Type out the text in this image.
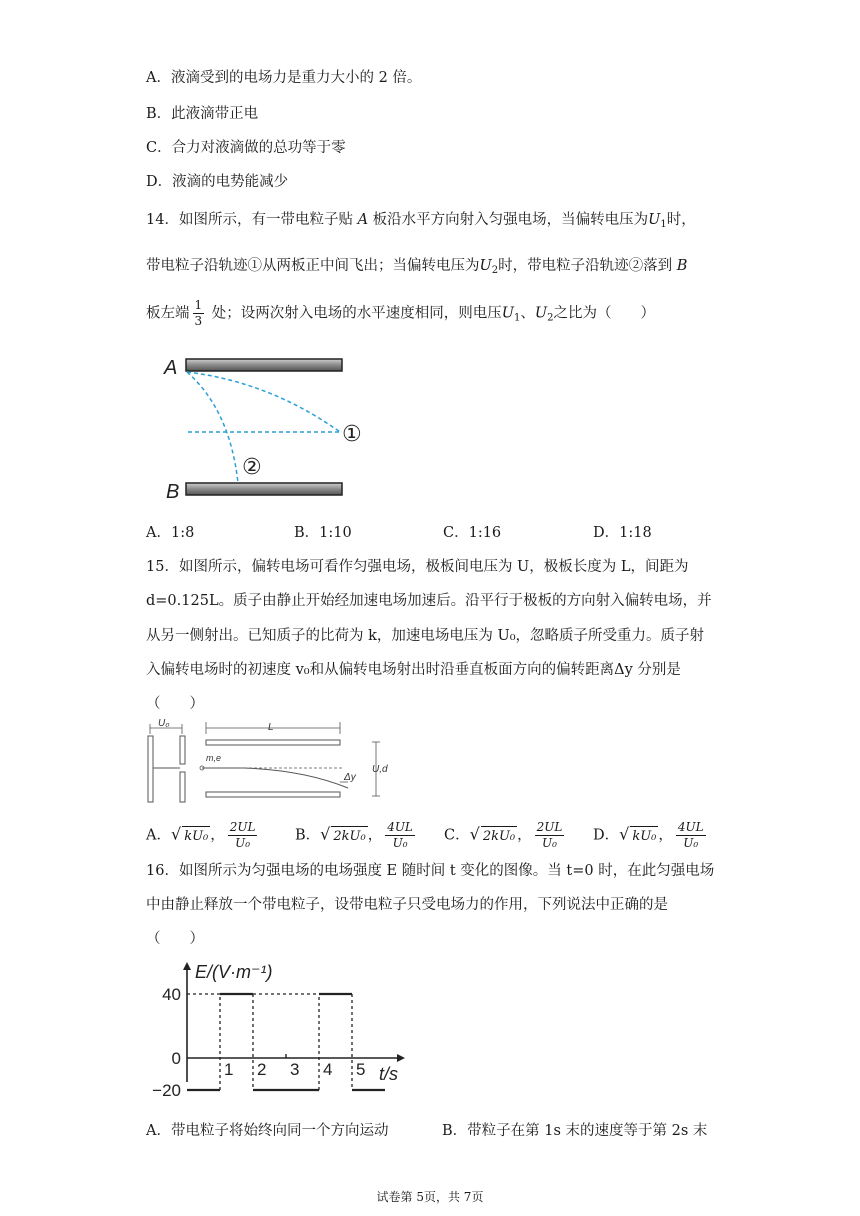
A．液滴受到的电场力是重力大小的 2 倍。
B．此液滴带正电
C．合力对液滴做的总功等于零
D．液滴的电势能减少
14．如图所示，有一带电粒子贴 A 板沿水平方向射入匀强电场，当偏转电压为$U_1$时，
带电粒子沿轨迹①从两板正中间飞出；当偏转电压为$U_2$时，带电粒子沿轨迹②落到 B
板左端 $\frac{1}{3}$ 处；设两次射入电场的水平速度相同，则电压$U_1$、$U_2$之比为（　　）
A
B
①
②
A．1:8	B．1:10	C．1:16	D．1:18
15．如图所示，偏转电场可看作匀强电场，极板间电压为 U，极板长度为 L，间距为
d=0.125L。质子由静止开始经加速电场加速后。沿平行于极板的方向射入偏转电场，并
从另一侧射出。已知质子的比荷为 k，加速电场电压为 U₀，忽略质子所受重力。质子射
入偏转电场时的初速度 v₀和从偏转电场射出时沿垂直板面方向的偏转距离Δy 分别是
（　　）
U₀	L
m,e
Δy
U,d
A．√ kU₀ ， $\frac{2UL}{\text{U₀}}$	B．√ 2kU₀ ， $\frac{4UL}{\text{U₀}}$ C．√ 2kU₀ ， $\frac{2UL}{\text{U₀}}$ D．√ kU₀ ， $\frac{4UL}{\text{U₀}}$
16．如图所示为匀强电场的电场强度 E 随时间 t 变化的图像。当 t=0 时，在此匀强电场
中由静止释放一个带电粒子，设带电粒子只受电场力的作用，下列说法中正确的是
（　　）
E/(V·m⁻¹)
t/s
40
0
−20
1 2 3 4 5
A．带电粒子将始终向同一个方向运动	B．带粒子在第 1s 末的速度等于第 2s 末
试卷第 5页，共 7页
